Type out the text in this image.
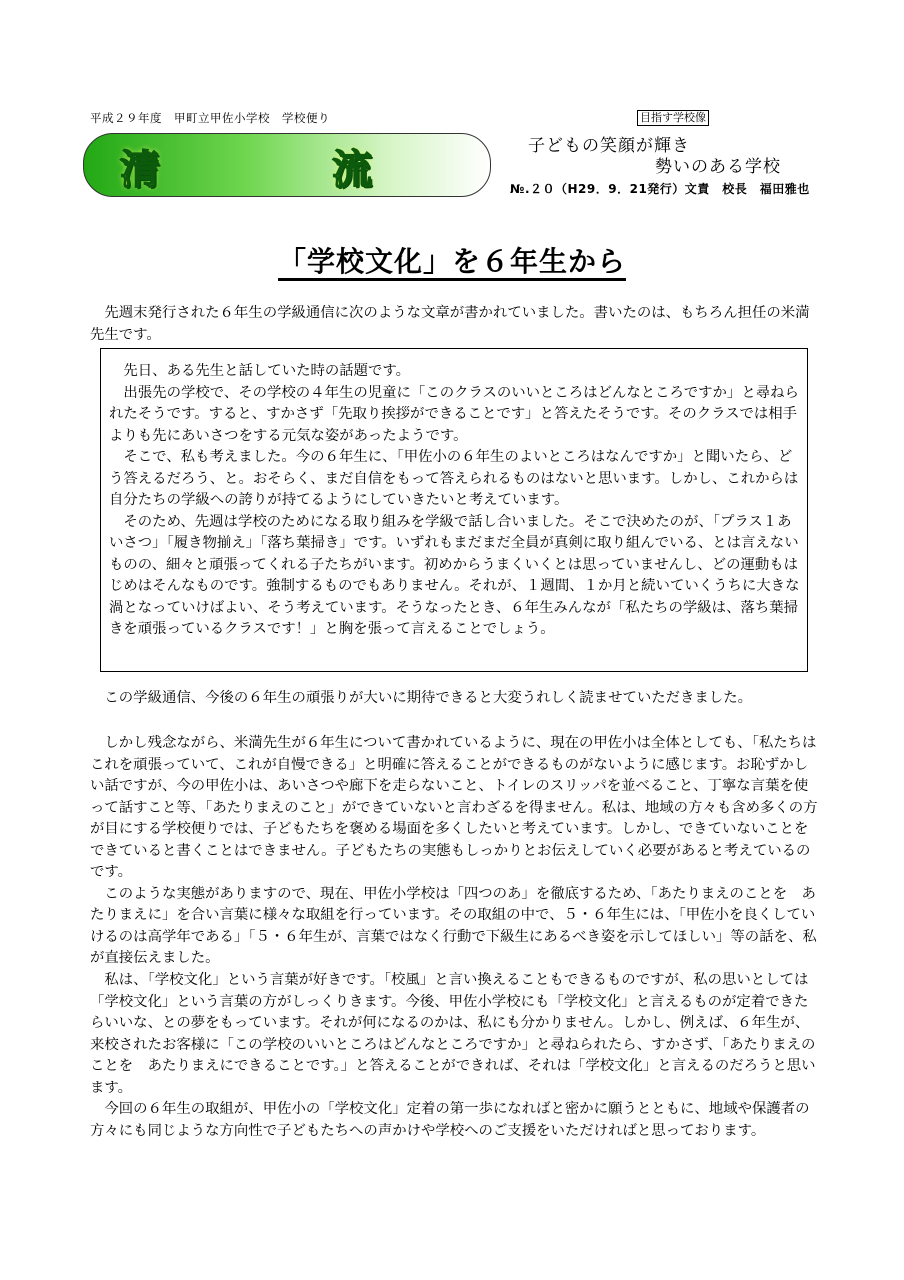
平成２９年度　甲町立甲佐小学校　学校便り
清	流
目指す学校像
子どもの笑顔が輝き
勢いのある学校
№.２０（H29．9．21発行）文責　校長　福田雅也
「学校文化」を６年生から

先週末発行された６年生の学級通信に次のような文章が書かれていました。書いたのは、もちろん担任の米満先生です。

先日、ある先生と話していた時の話題です。

出張先の学校で、その学校の４年生の児童に「このクラスのいいところはどんなところですか」と尋ねられたそうです。すると、すかさず「先取り挨拶ができることです」と答えたそうです。そのクラスでは相手よりも先にあいさつをする元気な姿があったようです。

そこで、私も考えました。今の６年生に、「甲佐小の６年生のよいところはなんですか」と聞いたら、どう答えるだろう、と。おそらく、まだ自信をもって答えられるものはないと思います。しかし、これからは自分たちの学級への誇りが持てるようにしていきたいと考えています。

そのため、先週は学校のためになる取り組みを学級で話し合いました。そこで決めたのが、「プラス１あいさつ」「履き物揃え」「落ち葉掃き」です。いずれもまだまだ全員が真剣に取り組んでいる、とは言えないものの、細々と頑張ってくれる子たちがいます。初めからうまくいくとは思っていませんし、どの運動もはじめはそんなものです。強制するものでもありません。それが、１週間、１か月と続いていくうちに大きな渦となっていけばよい、そう考えています。そうなったとき、６年生みんなが「私たちの学級は、落ち葉掃きを頑張っているクラスです！」と胸を張って言えることでしょう。

この学級通信、今後の６年生の頑張りが大いに期待できると大変うれしく読ませていただきました。

しかし残念ながら、米満先生が６年生について書かれているように、現在の甲佐小は全体としても、「私たちはこれを頑張っていて、これが自慢できる」と明確に答えることができるものがないように感じます。お恥ずかしい話ですが、今の甲佐小は、あいさつや廊下を走らないこと、トイレのスリッパを並べること、丁寧な言葉を使って話すこと等、「あたりまえのこと」ができていないと言わざるを得ません。私は、地域の方々も含め多くの方が目にする学校便りでは、子どもたちを褒める場面を多くしたいと考えています。しかし、できていないことをできていると書くことはできません。子どもたちの実態もしっかりとお伝えしていく必要があると考えているのです。

このような実態がありますので、現在、甲佐小学校は「四つのあ」を徹底するため、「あたりまえのことを　あたりまえに」を合い言葉に様々な取組を行っています。その取組の中で、５・６年生には、「甲佐小を良くしていけるのは高学年である」「５・６年生が、言葉ではなく行動で下級生にあるべき姿を示してほしい」等の話を、私が直接伝えました。

私は、「学校文化」という言葉が好きです。「校風」と言い換えることもできるものですが、私の思いとしては「学校文化」という言葉の方がしっくりきます。今後、甲佐小学校にも「学校文化」と言えるものが定着できたらいいな、との夢をもっています。それが何になるのかは、私にも分かりません。しかし、例えば、６年生が、来校されたお客様に「この学校のいいところはどんなところですか」と尋ねられたら、すかさず、「あたりまえのことを　あたりまえにできることです。」と答えることができれば、それは「学校文化」と言えるのだろうと思います。

今回の６年生の取組が、甲佐小の「学校文化」定着の第一歩になればと密かに願うとともに、地域や保護者の方々にも同じような方向性で子どもたちへの声かけや学校へのご支援をいただければと思っております。
